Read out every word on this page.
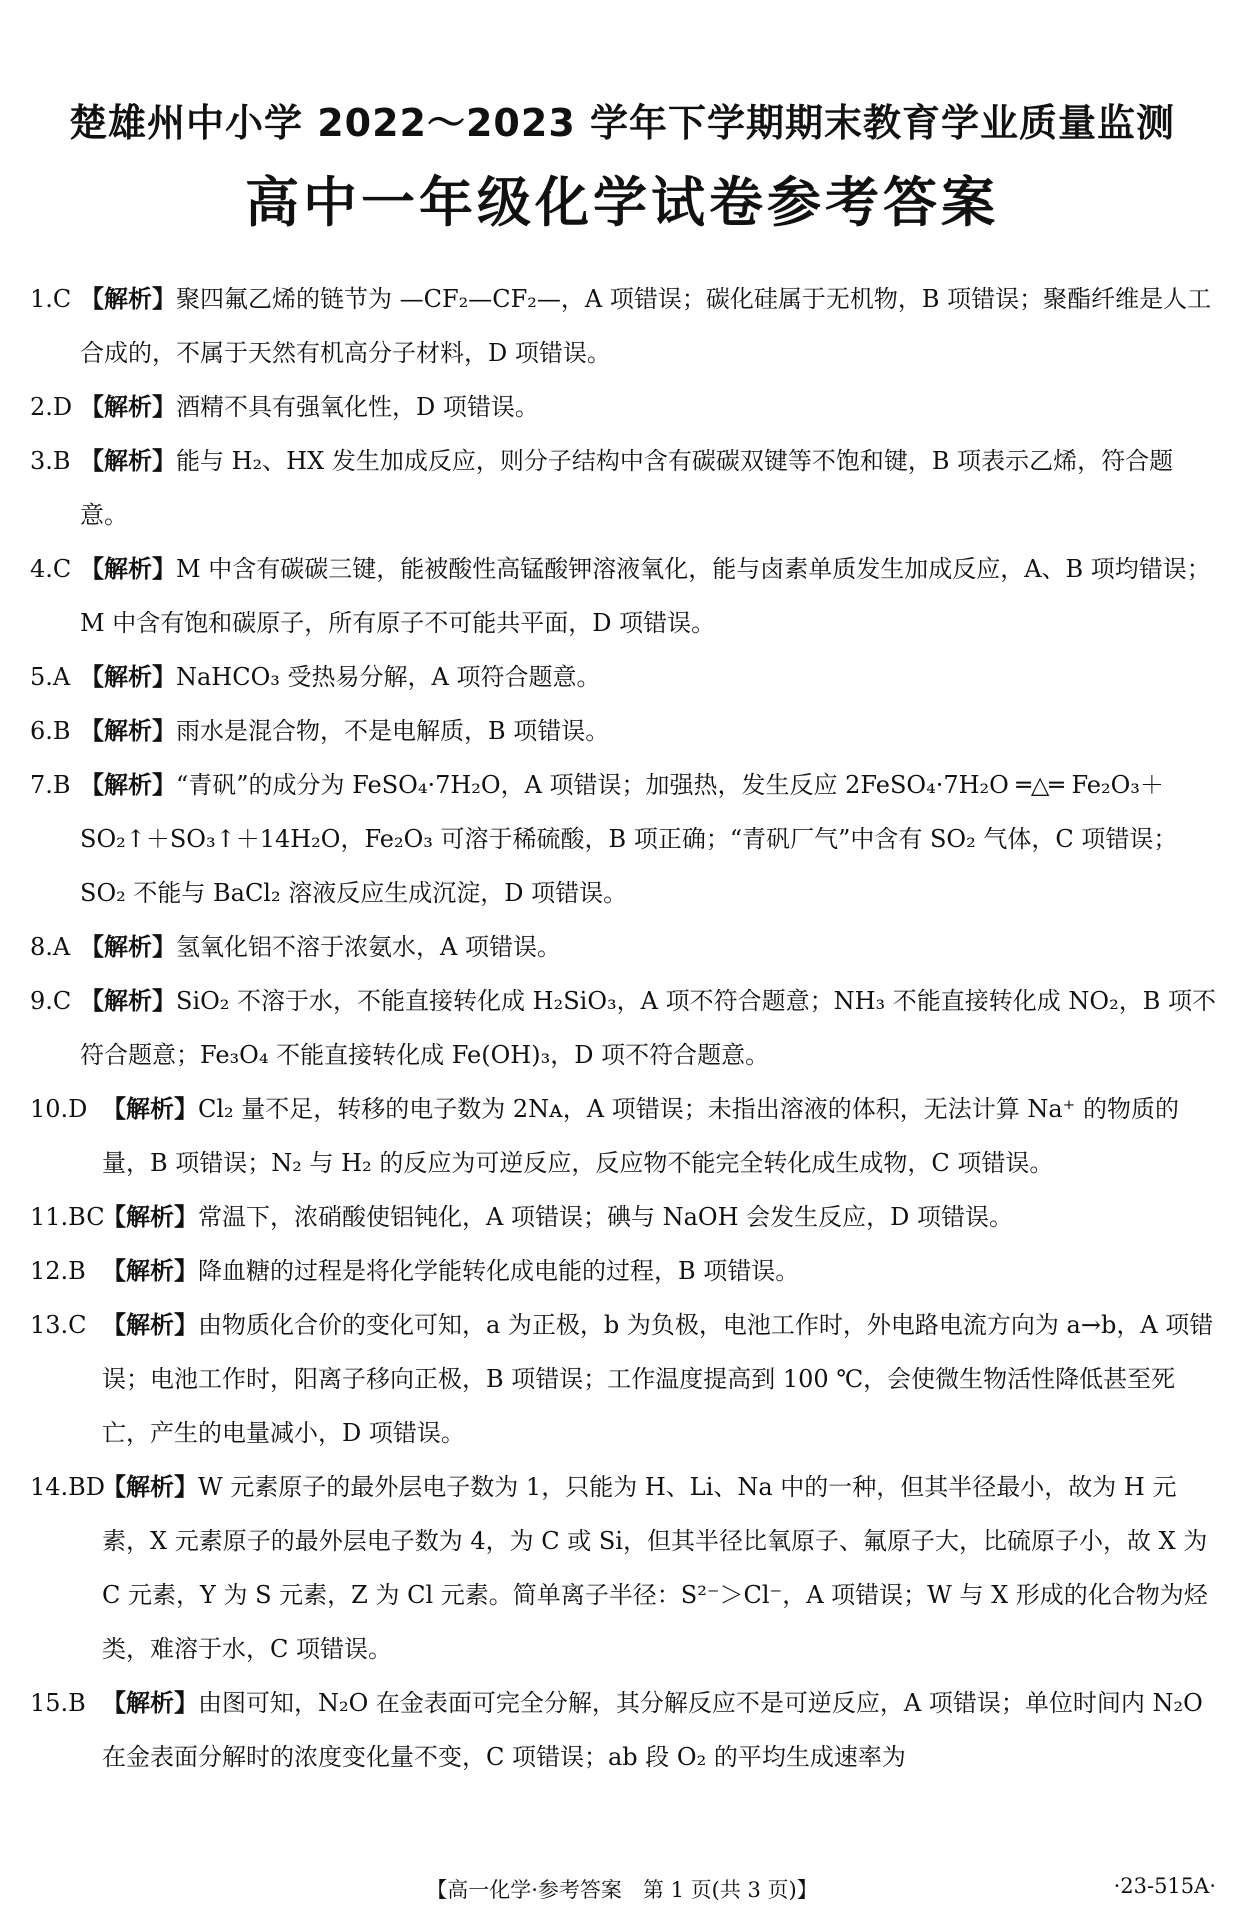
楚雄州中小学 2022～2023 学年下学期期末教育学业质量监测
高中一年级化学试卷参考答案
1.C 【解析】聚四氟乙烯的链节为 —CF₂—CF₂—，A 项错误；碳化硅属于无机物，B 项错误；聚酯纤维是人工合成的，不属于天然有机高分子材料，D 项错误。
2.D 【解析】酒精不具有强氧化性，D 项错误。
3.B 【解析】能与 H₂、HX 发生加成反应，则分子结构中含有碳碳双键等不饱和键，B 项表示乙烯，符合题意。
4.C 【解析】M 中含有碳碳三键，能被酸性高锰酸钾溶液氧化，能与卤素单质发生加成反应，A、B 项均错误；M 中含有饱和碳原子，所有原子不可能共平面，D 项错误。
5.A 【解析】NaHCO₃ 受热易分解，A 项符合题意。
6.B 【解析】雨水是混合物，不是电解质，B 项错误。
7.B 【解析】“青矾”的成分为 FeSO₄·7H₂O，A 项错误；加强热，发生反应 2FeSO₄·7H₂O ═△═ Fe₂O₃＋SO₂↑＋SO₃↑＋14H₂O，Fe₂O₃ 可溶于稀硫酸，B 项正确；“青矾厂气”中含有 SO₂ 气体，C 项错误；SO₂ 不能与 BaCl₂ 溶液反应生成沉淀，D 项错误。
8.A 【解析】氢氧化铝不溶于浓氨水，A 项错误。
9.C 【解析】SiO₂ 不溶于水，不能直接转化成 H₂SiO₃，A 项不符合题意；NH₃ 不能直接转化成 NO₂，B 项不符合题意；Fe₃O₄ 不能直接转化成 Fe(OH)₃，D 项不符合题意。
10.D 【解析】Cl₂ 量不足，转移的电子数为 2Nᴀ，A 项错误；未指出溶液的体积，无法计算 Na⁺ 的物质的量，B 项错误；N₂ 与 H₂ 的反应为可逆反应，反应物不能完全转化成生成物，C 项错误。
11.BC
【解析】常温下，浓硝酸使铝钝化，A 项错误；碘与 NaOH 会发生反应，D 项错误。
12.B 【解析】降血糖的过程是将化学能转化成电能的过程，B 项错误。
13.C 【解析】由物质化合价的变化可知，a 为正极，b 为负极，电池工作时，外电路电流方向为 a→b，A 项错误；电池工作时，阳离子移向正极，B 项错误；工作温度提高到 100 ℃，会使微生物活性降低甚至死亡，产生的电量减小，D 项错误。
14.BD
【解析】W 元素原子的最外层电子数为 1，只能为 H、Li、Na 中的一种，但其半径最小，故为 H 元素，X 元素原子的最外层电子数为 4，为 C 或 Si，但其半径比氧原子、氟原子大，比硫原子小，故 X 为 C 元素，Y 为 S 元素，Z 为 Cl 元素。简单离子半径：S²⁻＞Cl⁻，A 项错误；W 与 X 形成的化合物为烃类，难溶于水，C 项错误。
15.B 【解析】由图可知，N₂O 在金表面可完全分解，其分解反应不是可逆反应，A 项错误；单位时间内 N₂O 在金表面分解时的浓度变化量不变，C 项错误；ab 段 O₂ 的平均生成速率为
【高一化学·参考答案　第 1 页(共 3 页)】	·23-515A·
